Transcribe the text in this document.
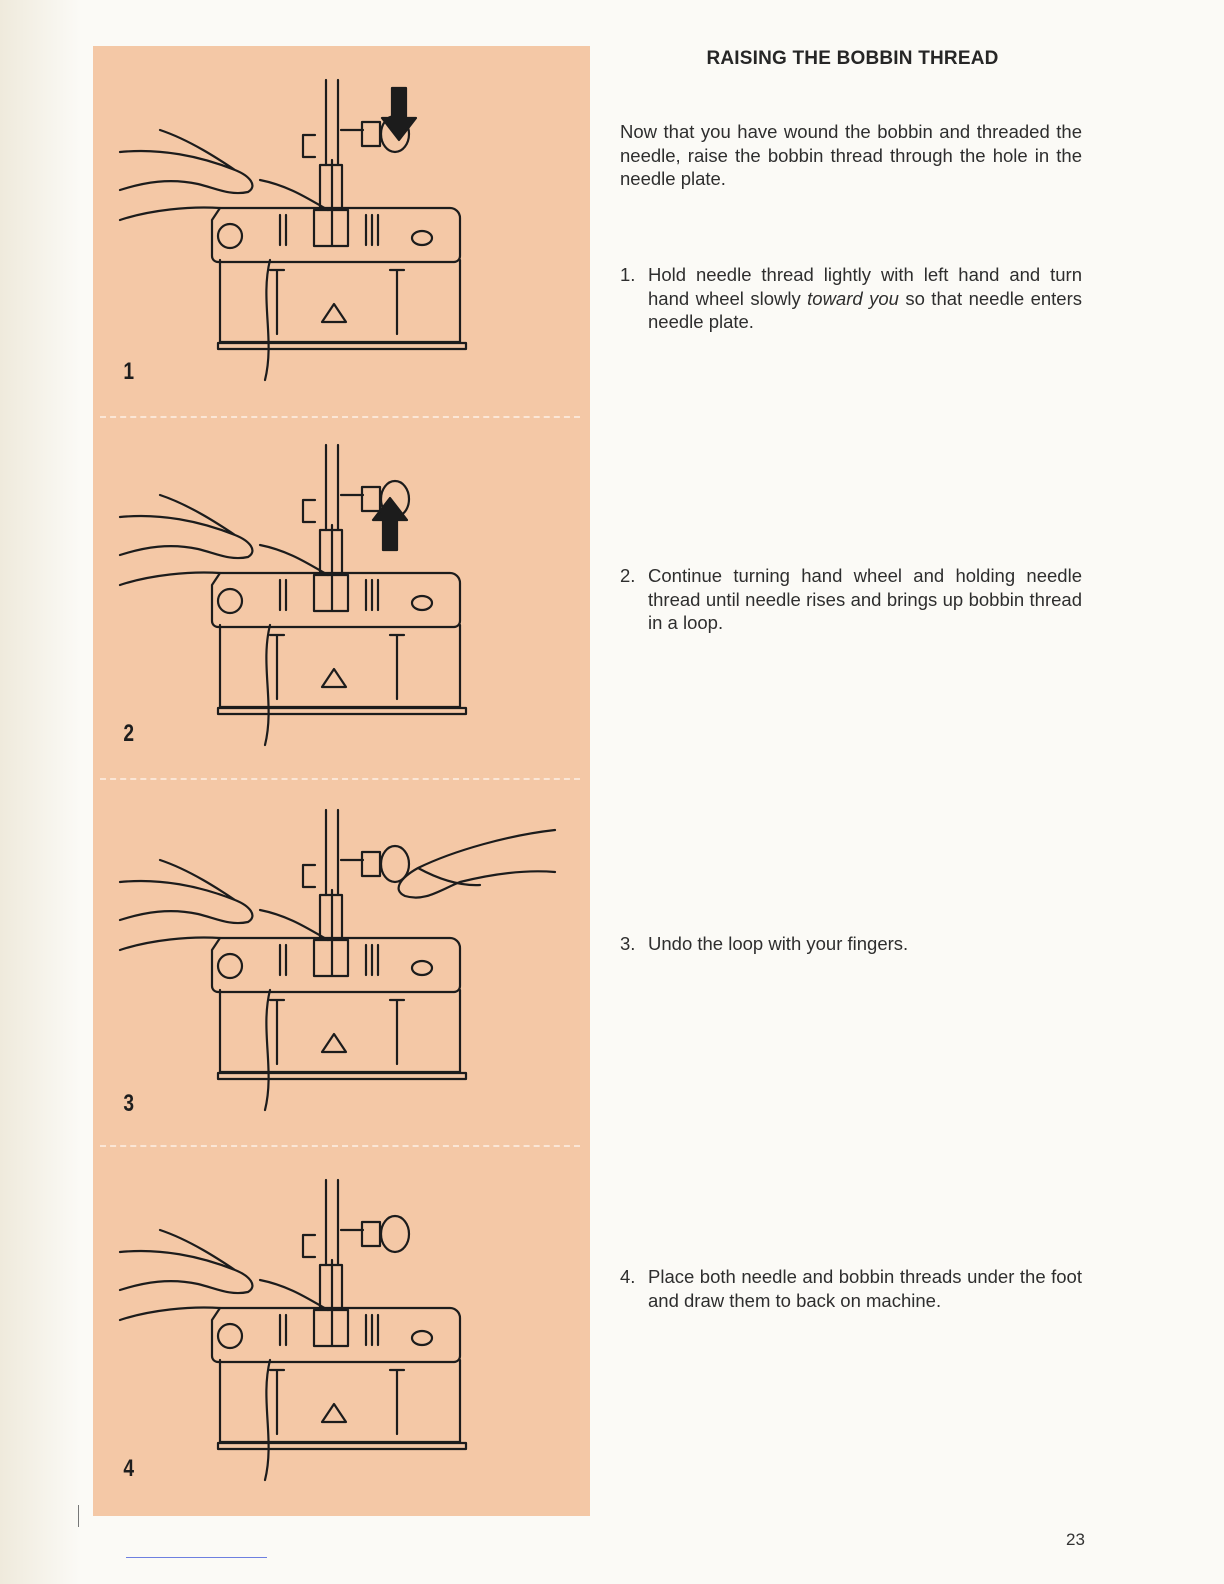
1
2
3
4
RAISING THE BOBBIN THREAD
Now that you have wound the bobbin and threaded the needle, raise the bobbin thread through the hole in the needle plate.
1. Hold needle thread lightly with left hand and turn hand wheel slowly toward you so that needle enters needle plate.
2. Continue turning hand wheel and holding needle thread until needle rises and brings up bobbin thread in a loop.
3. Undo the loop with your fingers.
4. Place both needle and bobbin threads under the foot and draw them to back on machine.
23
